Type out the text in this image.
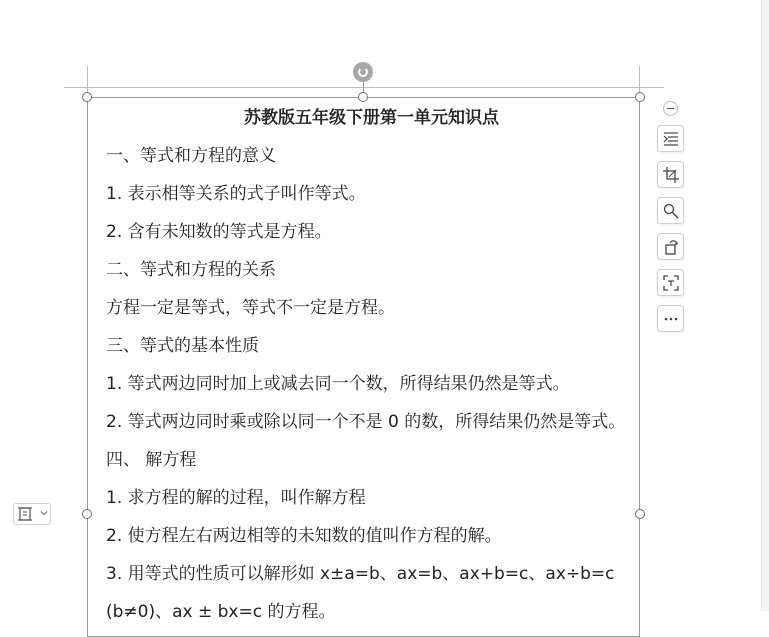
苏教版五年级下册第一单元知识点
一、等式和方程的意义
1. 表示相等关系的式子叫作等式。
2. 含有未知数的等式是方程。
二、等式和方程的关系
方程一定是等式，等式不一定是方程。
三、等式的基本性质
1. 等式两边同时加上或减去同一个数，所得结果仍然是等式。
2. 等式两边同时乘或除以同一个不是 0 的数，所得结果仍然是等式。
四、 解方程
1. 求方程的解的过程，叫作解方程
2. 使方程左右两边相等的未知数的值叫作方程的解。
3. 用等式的性质可以解形如 x±a=b、ax=b、ax+b=c、ax÷b=c
(b≠0)、ax ± bx=c 的方程。
